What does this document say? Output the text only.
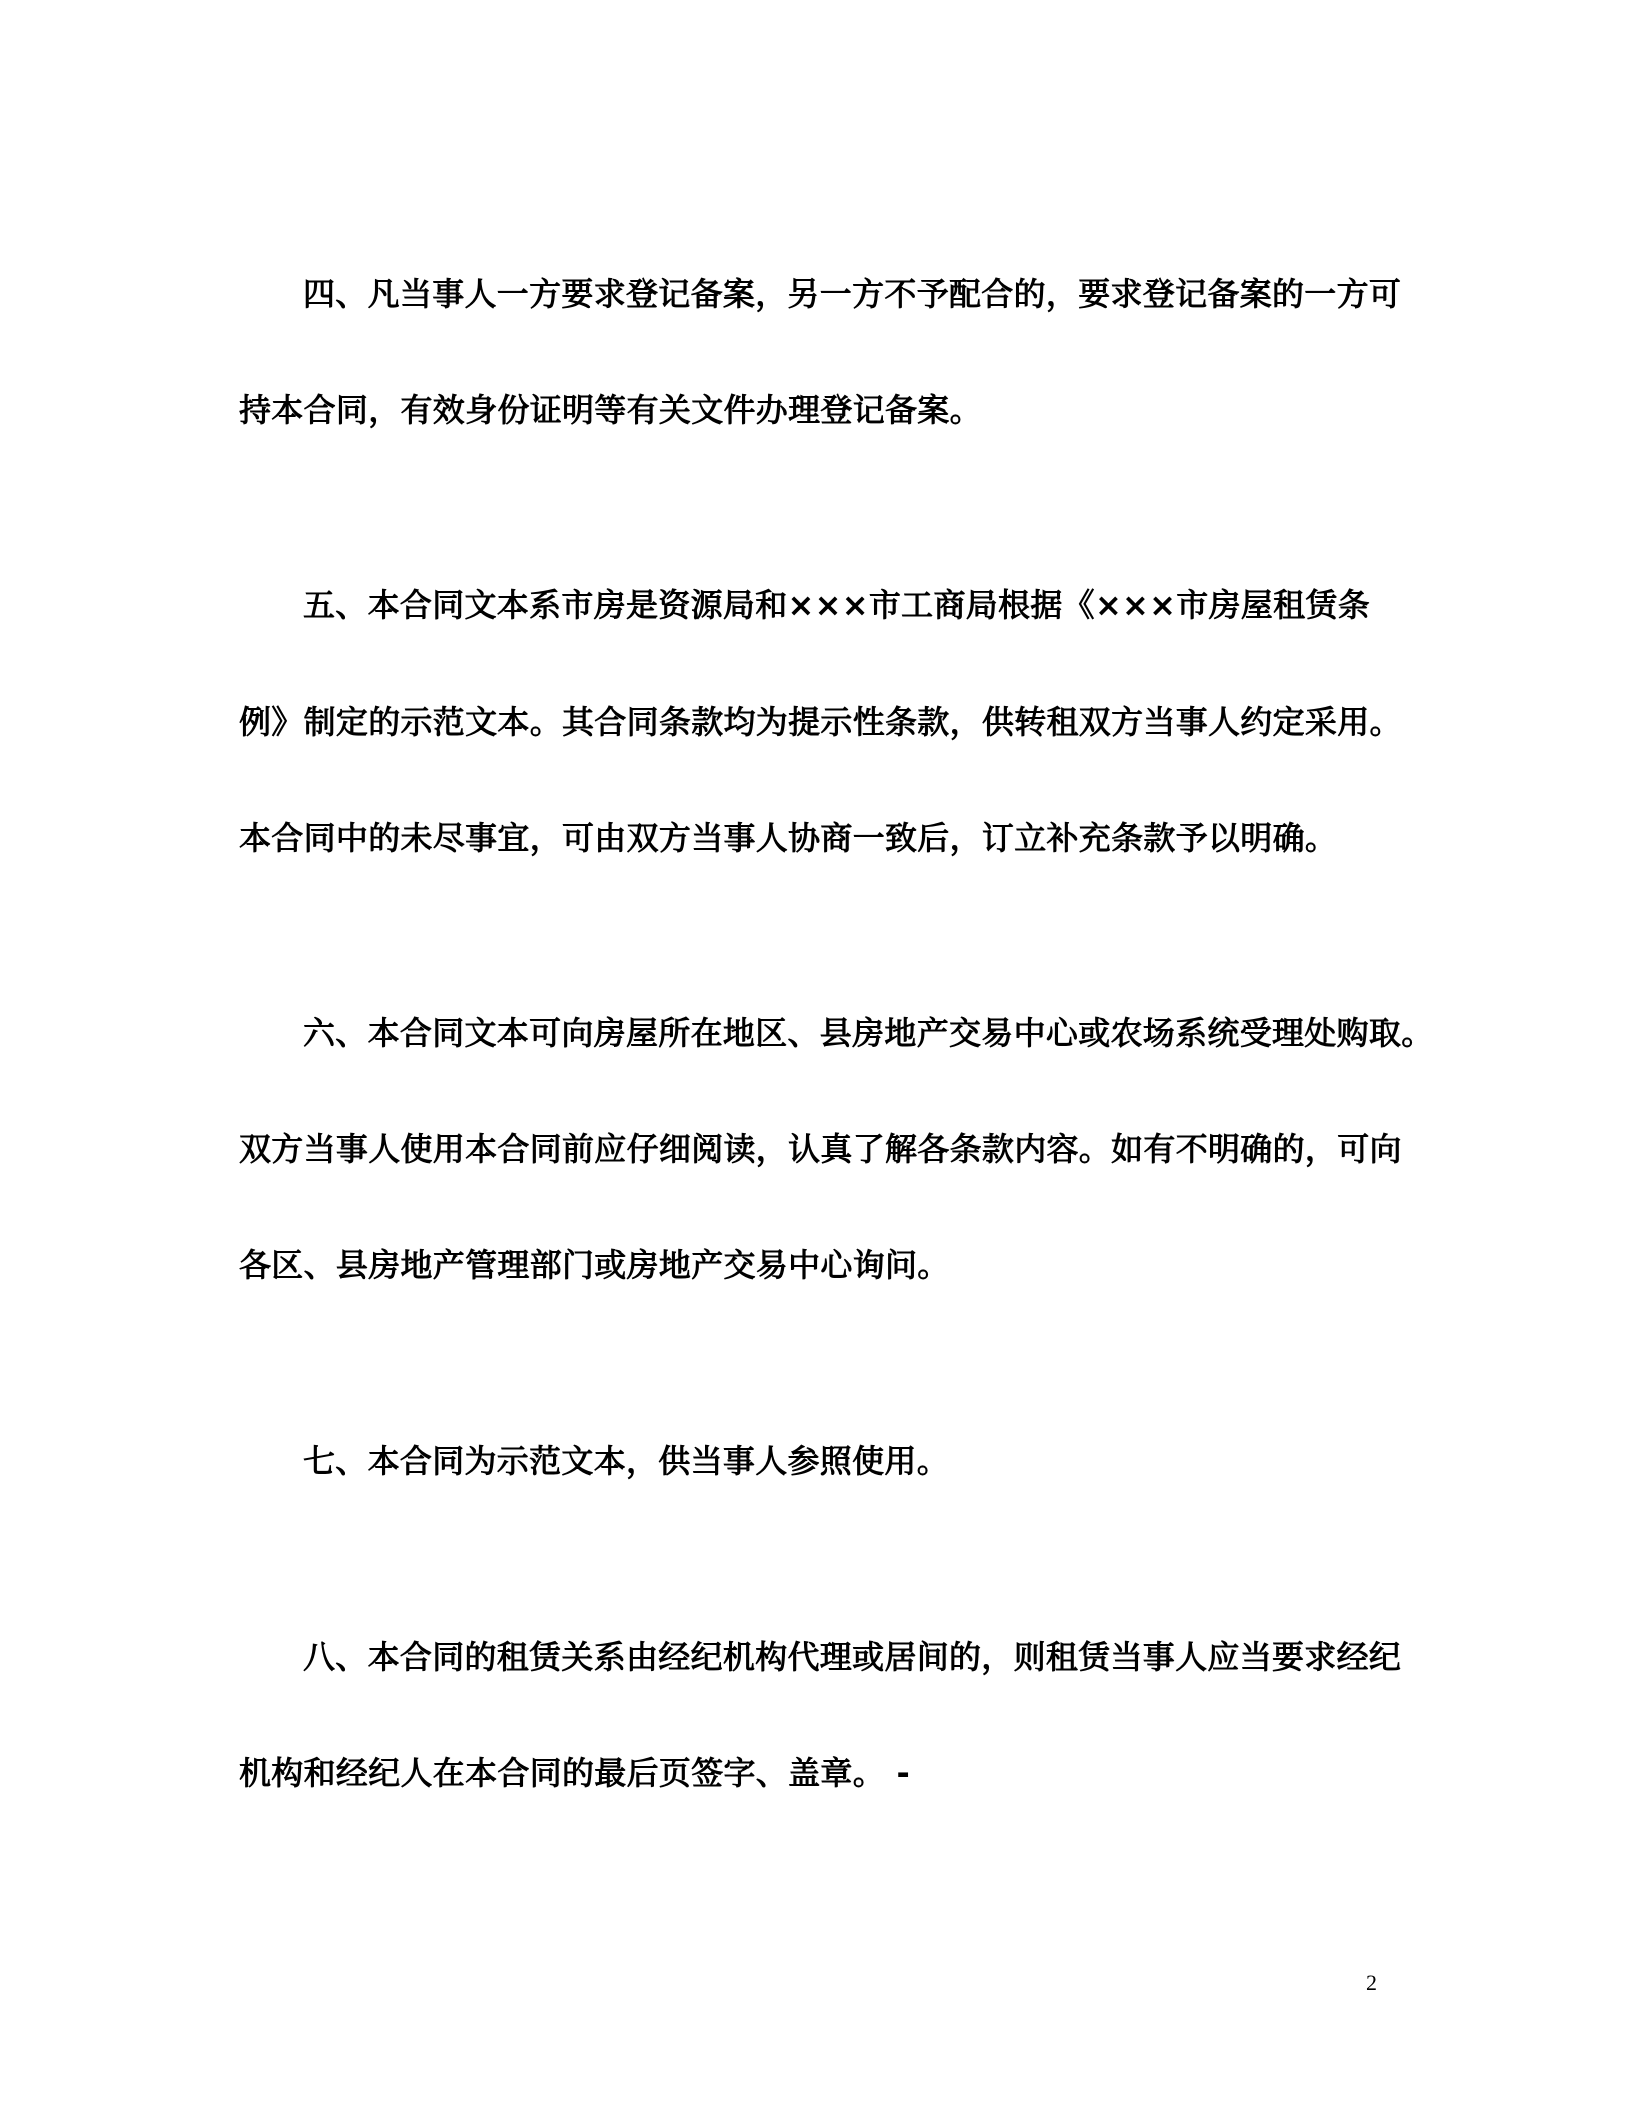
四、凡当事人一方要求登记备案，另一方不予配合的，要求登记备案的一方可
持本合同，有效身份证明等有关文件办理登记备案。
五、本合同文本系市房是资源局和×××市工商局根据《×××市房屋租赁条
例》制定的示范文本。其合同条款均为提示性条款，供转租双方当事人约定采用。
本合同中的未尽事宜，可由双方当事人协商一致后，订立补充条款予以明确。
六、本合同文本可向房屋所在地区、县房地产交易中心或农场系统受理处购取。
双方当事人使用本合同前应仔细阅读，认真了解各条款内容。如有不明确的，可向
各区、县房地产管理部门或房地产交易中心询问。
七、本合同为示范文本，供当事人参照使用。
八、本合同的租赁关系由经纪机构代理或居间的，则租赁当事人应当要求经纪
机构和经纪人在本合同的最后页签字、盖章。 -
2
